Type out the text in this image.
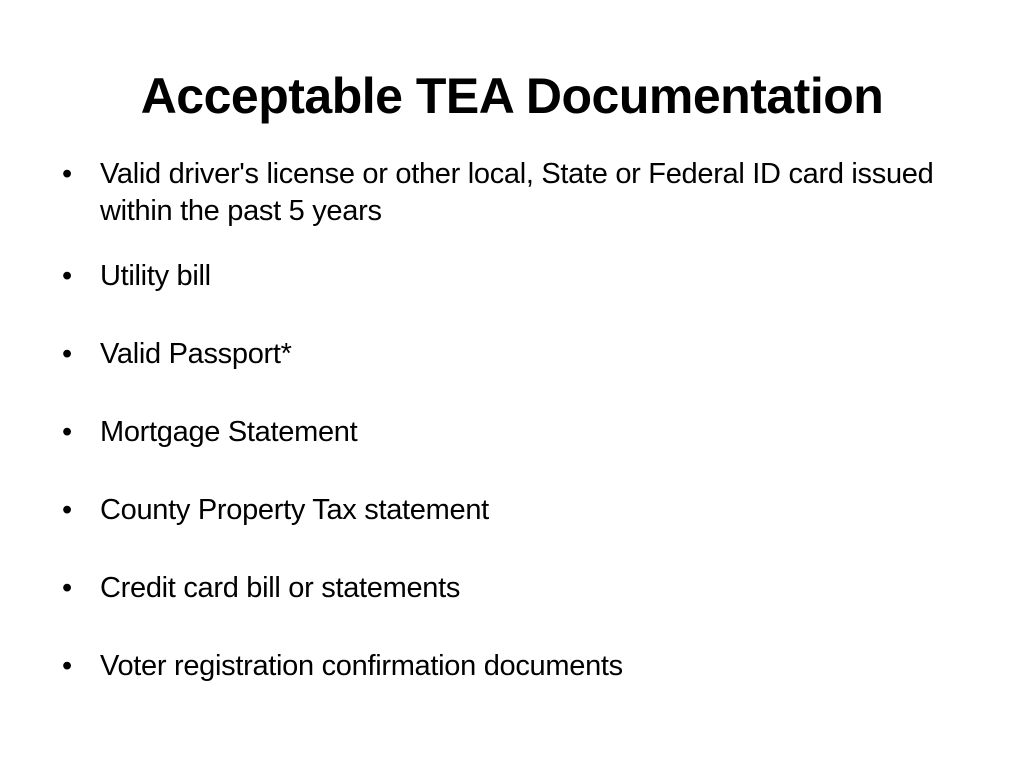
Acceptable TEA Documentation
• Valid driver's license or other local, State or Federal ID card issued within the past 5 years
• Utility bill
• Valid Passport*
• Mortgage Statement
• County Property Tax statement
• Credit card bill or statements
• Voter registration confirmation documents
